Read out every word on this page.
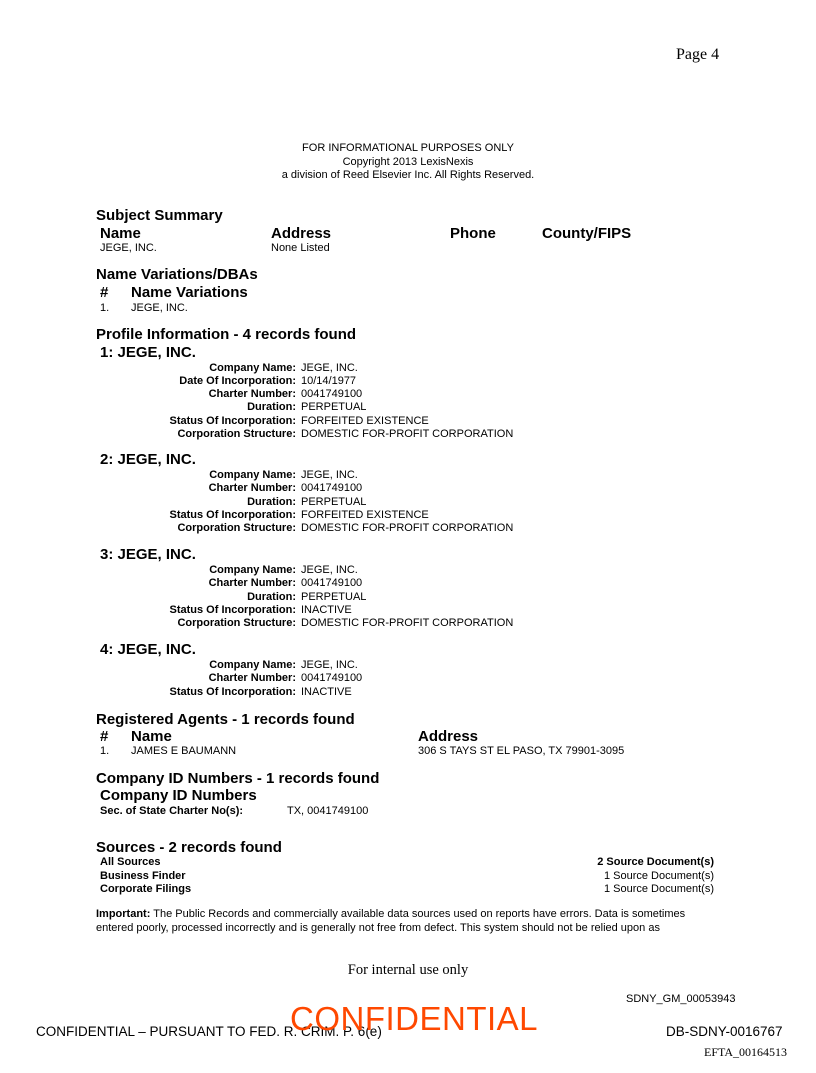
Page 4
FOR INFORMATIONAL PURPOSES ONLY
Copyright 2013 LexisNexis
a division of Reed Elsevier Inc. All Rights Reserved.
Subject Summary
Name	Address	Phone	County/FIPS
JEGE, INC.	None Listed
Name Variations/DBAs
# Name Variations
1. JEGE, INC.
Profile Information - 4 records found
1: JEGE, INC.
Company Name: JEGE, INC.
Date Of Incorporation: 10/14/1977
Charter Number: 0041749100
Duration: PERPETUAL
Status Of Incorporation: FORFEITED EXISTENCE
Corporation Structure: DOMESTIC FOR-PROFIT CORPORATION
2: JEGE, INC.
Company Name: JEGE, INC.
Charter Number: 0041749100
Duration: PERPETUAL
Status Of Incorporation: FORFEITED EXISTENCE
Corporation Structure: DOMESTIC FOR-PROFIT CORPORATION
3: JEGE, INC.
Company Name: JEGE, INC.
Charter Number: 0041749100
Duration: PERPETUAL
Status Of Incorporation: INACTIVE
Corporation Structure: DOMESTIC FOR-PROFIT CORPORATION
4: JEGE, INC.
Company Name: JEGE, INC.
Charter Number: 0041749100
Status Of Incorporation: INACTIVE
Registered Agents - 1 records found
# Name	Address
1. JAMES E BAUMANN	306 S TAYS ST EL PASO, TX 79901-3095
Company ID Numbers - 1 records found
Company ID Numbers
Sec. of State Charter No(s):	TX, 0041749100
Sources - 2 records found
All Sources	2 Source Document(s)
Business Finder	1 Source Document(s)
Corporate Filings	1 Source Document(s)
Important: The Public Records and commercially available data sources used on reports have errors. Data is sometimes
entered poorly, processed incorrectly and is generally not free from defect. This system should not be relied upon as
For internal use only
SDNY_GM_00053943
CONFIDENTIAL – PURSUANT TO FED. R. CRIM. P. 6(e)
CONFIDENTIAL	DB-SDNY-0016767
EFTA_00164513
